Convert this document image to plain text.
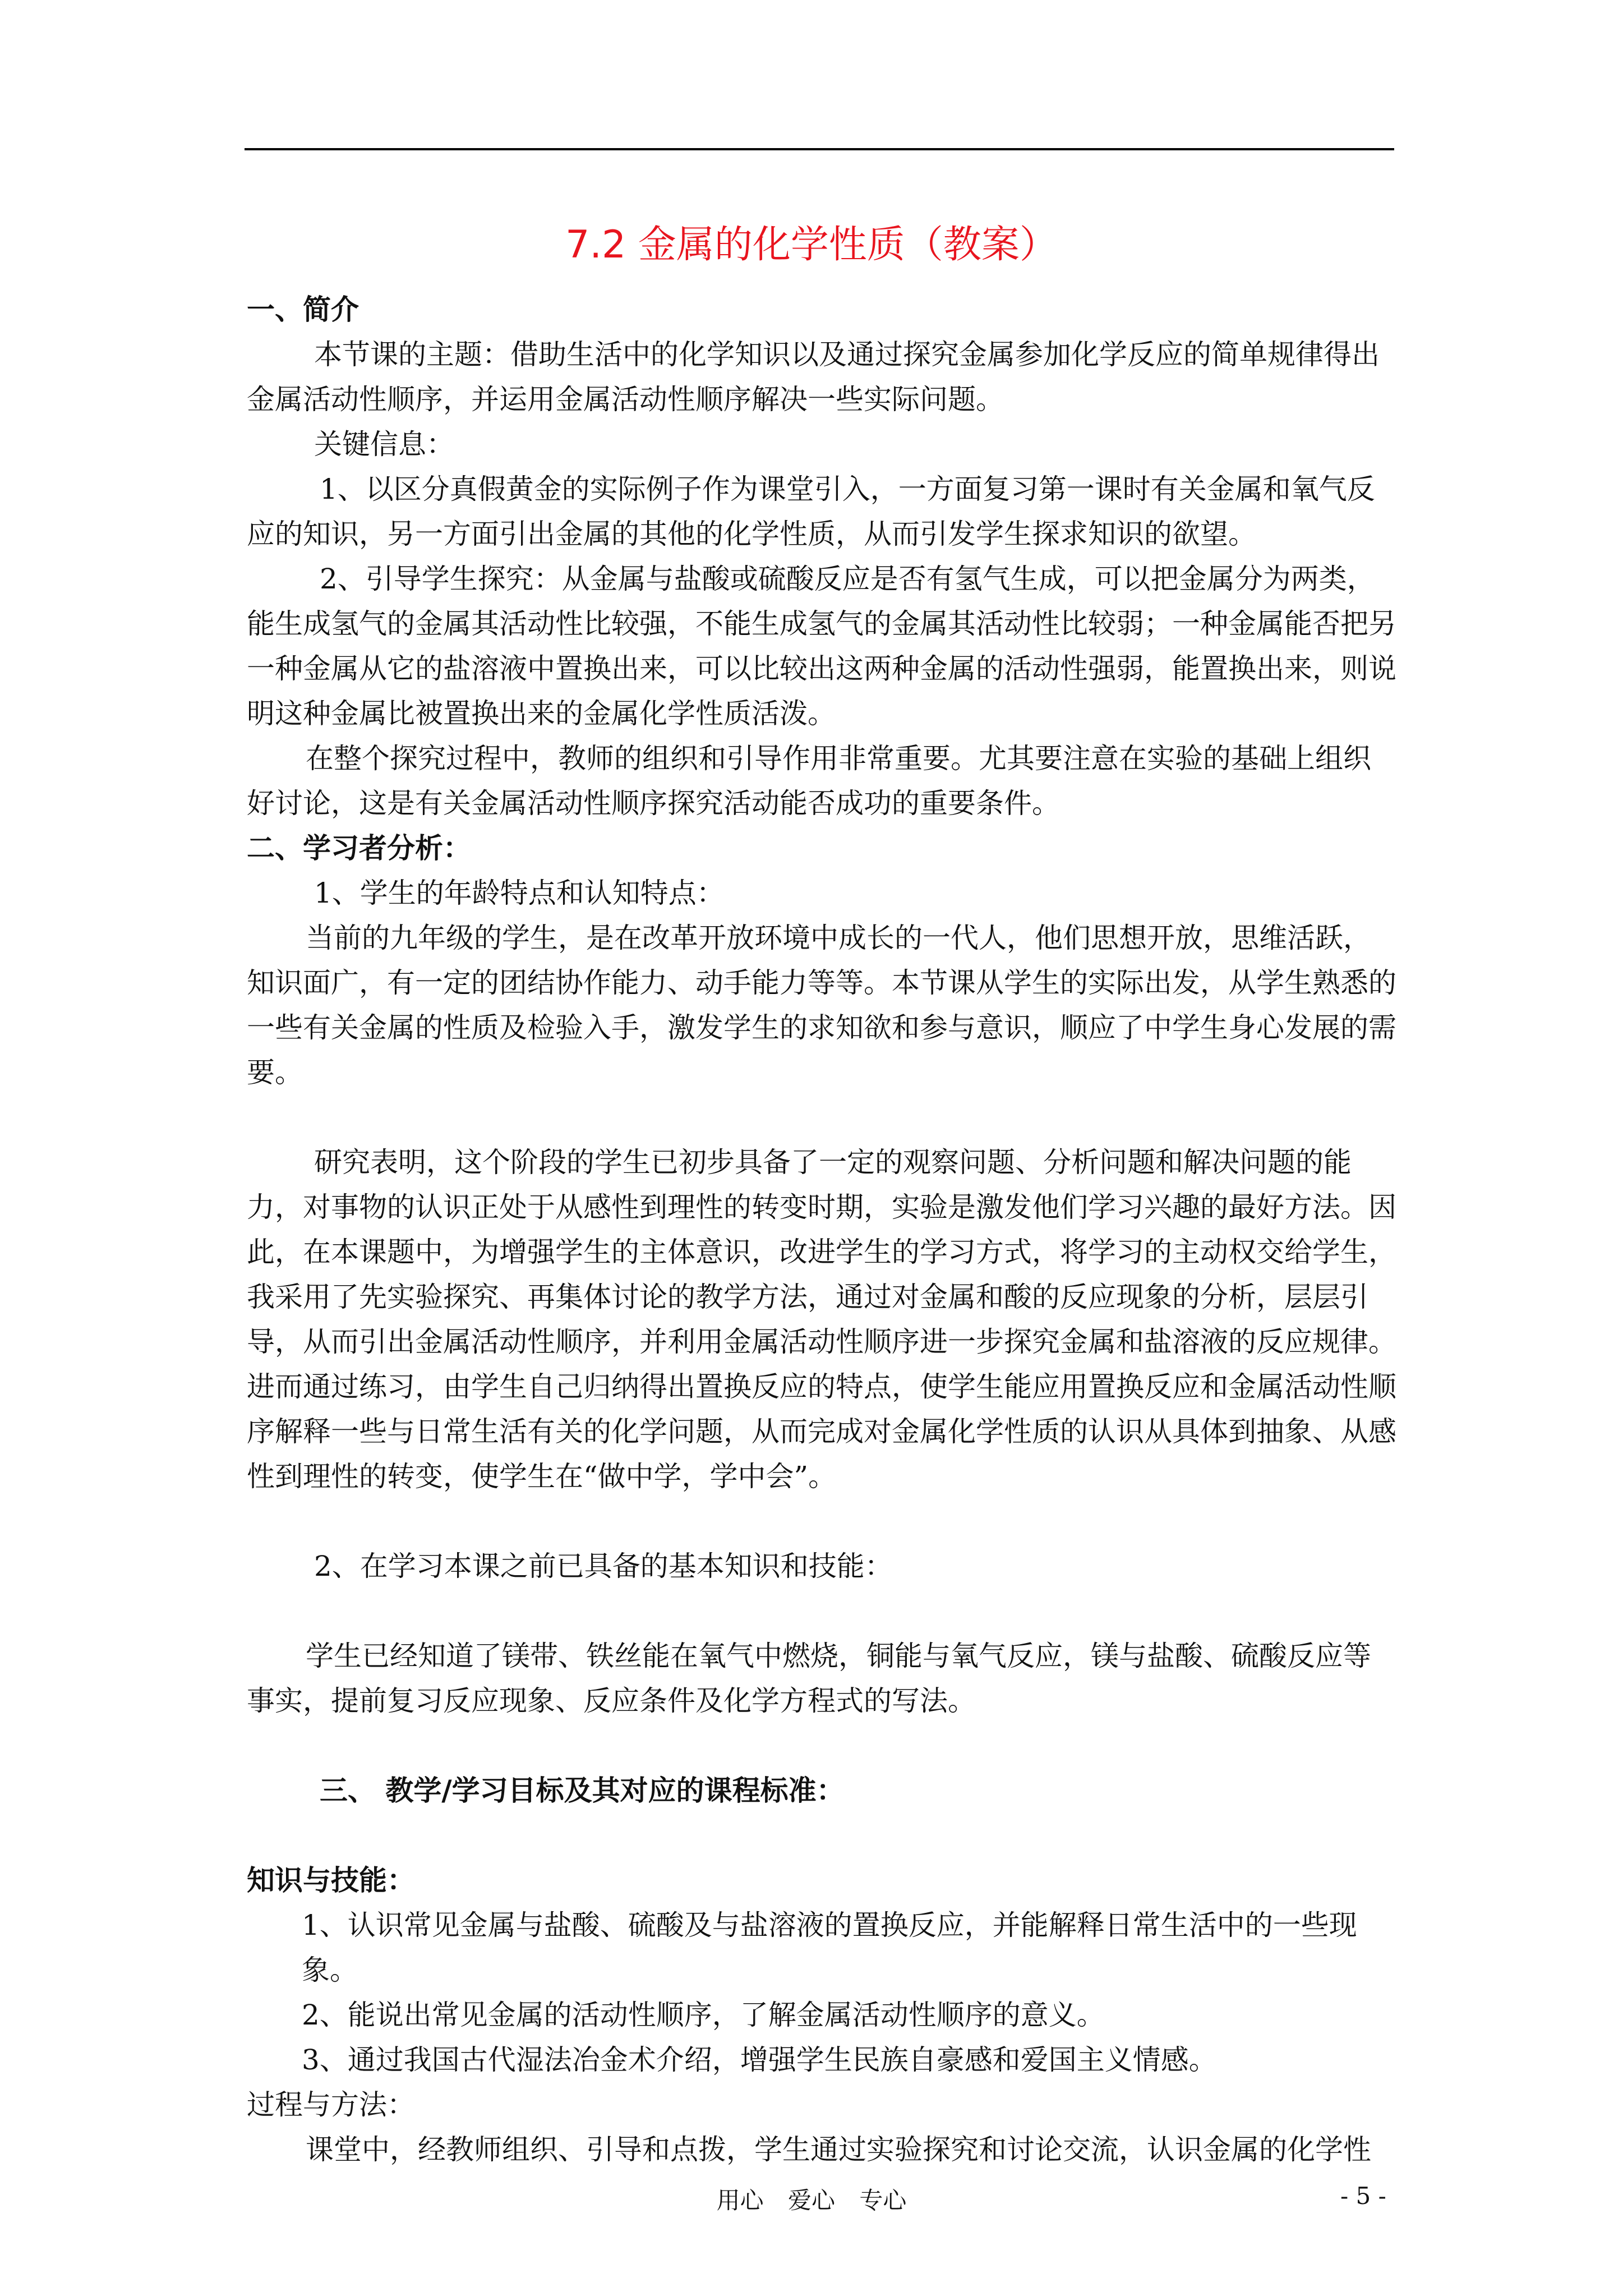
7.2 金属的化学性质（教案）

一、简介

本节课的主题：借助生活中的化学知识以及通过探究金属参加化学反应的简单规律得出金属活动性顺序，并运用金属活动性顺序解决一些实际问题。

关键信息：

1、以区分真假黄金的实际例子作为课堂引入，一方面复习第一课时有关金属和氧气反应的知识，另一方面引出金属的其他的化学性质，从而引发学生探求知识的欲望。

2、引导学生探究：从金属与盐酸或硫酸反应是否有氢气生成，可以把金属分为两类，能生成氢气的金属其活动性比较强，不能生成氢气的金属其活动性比较弱；一种金属能否把另一种金属从它的盐溶液中置换出来，可以比较出这两种金属的活动性强弱，能置换出来，则说明这种金属比被置换出来的金属化学性质活泼。

在整个探究过程中，教师的组织和引导作用非常重要。尤其要注意在实验的基础上组织好讨论，这是有关金属活动性顺序探究活动能否成功的重要条件。

二、学习者分析：

1、学生的年龄特点和认知特点：

当前的九年级的学生，是在改革开放环境中成长的一代人，他们思想开放，思维活跃，知识面广，有一定的团结协作能力、动手能力等等。本节课从学生的实际出发，从学生熟悉的一些有关金属的性质及检验入手，激发学生的求知欲和参与意识，顺应了中学生身心发展的需要。

研究表明，这个阶段的学生已初步具备了一定的观察问题、分析问题和解决问题的能力，对事物的认识正处于从感性到理性的转变时期，实验是激发他们学习兴趣的最好方法。因此，在本课题中，为增强学生的主体意识，改进学生的学习方式，将学习的主动权交给学生，我采用了先实验探究、再集体讨论的教学方法，通过对金属和酸的反应现象的分析，层层引导，从而引出金属活动性顺序，并利用金属活动性顺序进一步探究金属和盐溶液的反应规律。进而通过练习，由学生自己归纳得出置换反应的特点，使学生能应用置换反应和金属活动性顺序解释一些与日常生活有关的化学问题，从而完成对金属化学性质的认识从具体到抽象、从感性到理性的转变，使学生在“做中学，学中会”。

2、在学习本课之前已具备的基本知识和技能：

学生已经知道了镁带、铁丝能在氧气中燃烧，铜能与氧气反应，镁与盐酸、硫酸反应等事实，提前复习反应现象、反应条件及化学方程式的写法。

三、 教学/学习目标及其对应的课程标准：

知识与技能：

1、认识常见金属与盐酸、硫酸及与盐溶液的置换反应，并能解释日常生活中的一些现象。

2、能说出常见金属的活动性顺序，了解金属活动性顺序的意义。

3、通过我国古代湿法冶金术介绍，增强学生民族自豪感和爱国主义情感。

过程与方法：

课堂中，经教师组织、引导和点拨，学生通过实验探究和讨论交流，认识金属的化学性

用心 爱心 专心	- 5 -
